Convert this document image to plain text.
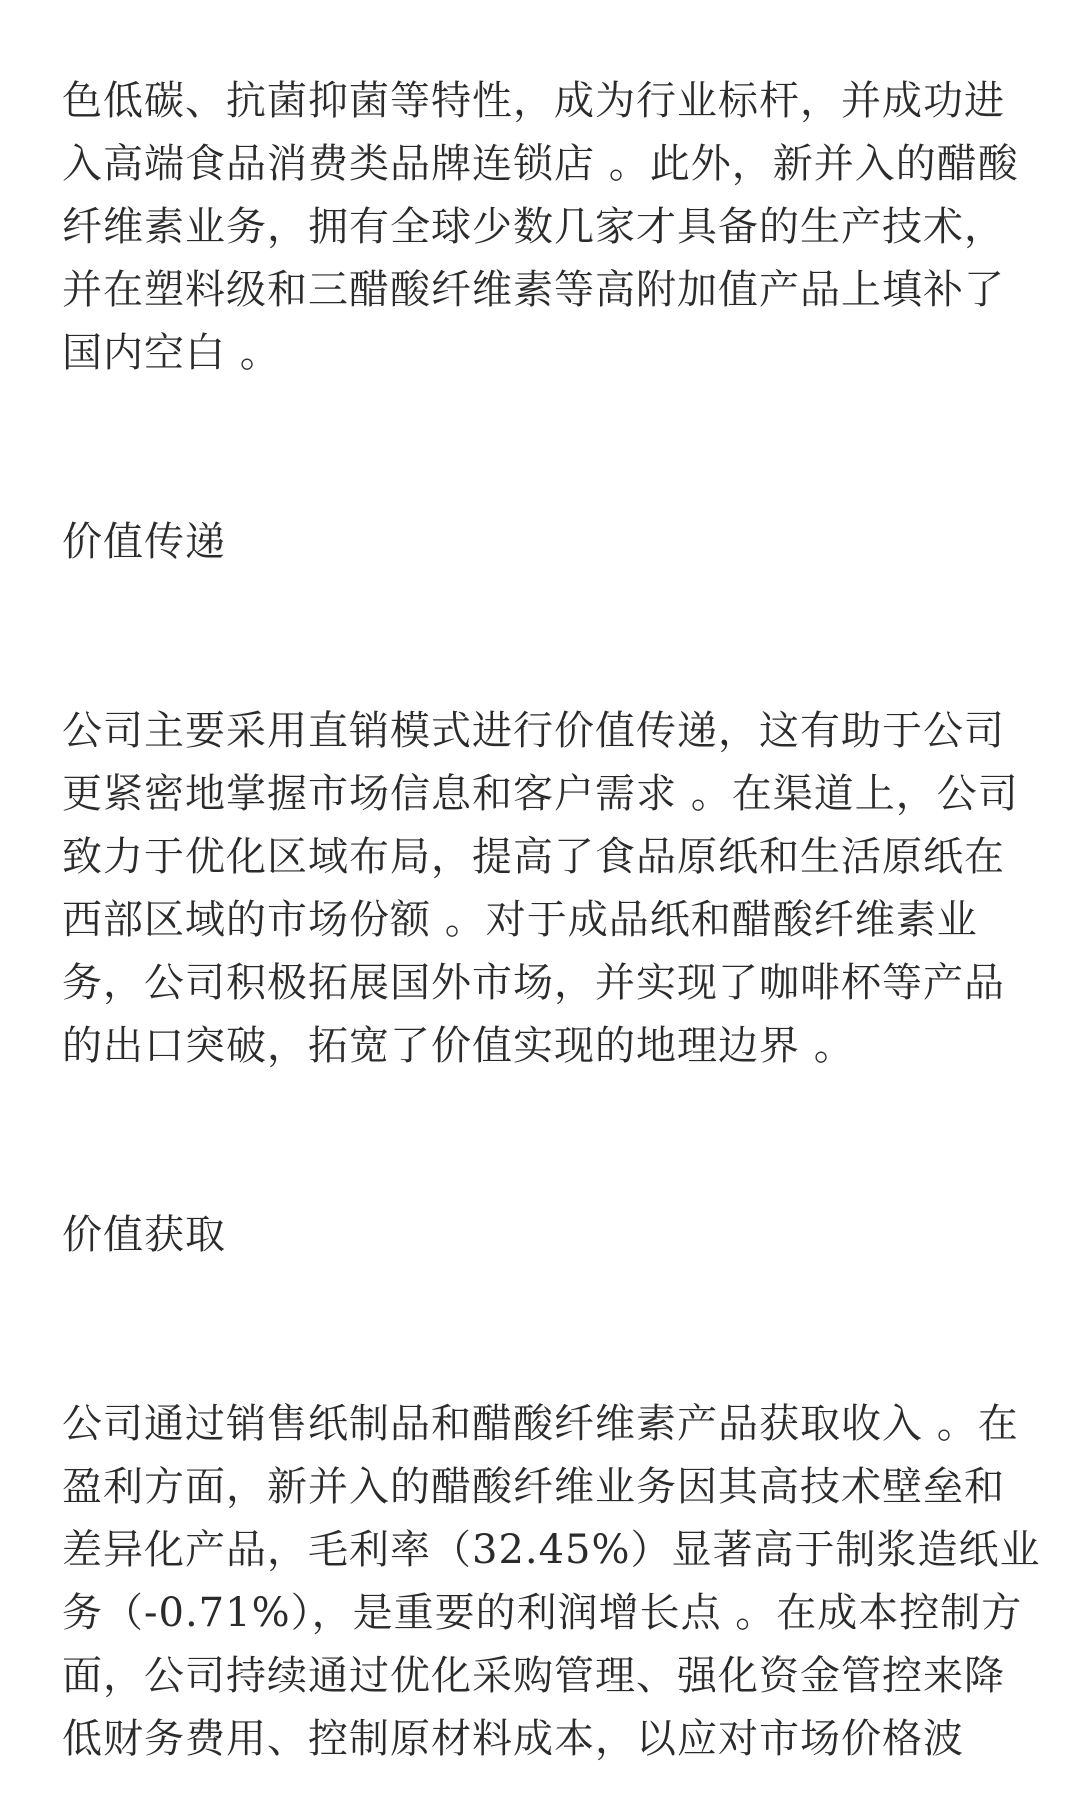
色低碳、抗菌抑菌等特性，成为行业标杆，并成功进
入高端食品消费类品牌连锁店 。此外，新并入的醋酸
纤维素业务，拥有全球少数几家才具备的生产技术，
并在塑料级和三醋酸纤维素等高附加值产品上填补了
国内空白 。

价值传递

公司主要采用直销模式进行价值传递，这有助于公司
更紧密地掌握市场信息和客户需求 。在渠道上，公司
致力于优化区域布局，提高了食品原纸和生活原纸在
西部区域的市场份额 。对于成品纸和醋酸纤维素业
务，公司积极拓展国外市场，并实现了咖啡杯等产品
的出口突破，拓宽了价值实现的地理边界 。

价值获取

公司通过销售纸制品和醋酸纤维素产品获取收入 。在
盈利方面，新并入的醋酸纤维业务因其高技术壁垒和
差异化产品，毛利率（32.45%）显著高于制浆造纸业
务（-0.71%），是重要的利润增长点 。在成本控制方
面，公司持续通过优化采购管理、强化资金管控来降
低财务费用、控制原材料成本，以应对市场价格波
